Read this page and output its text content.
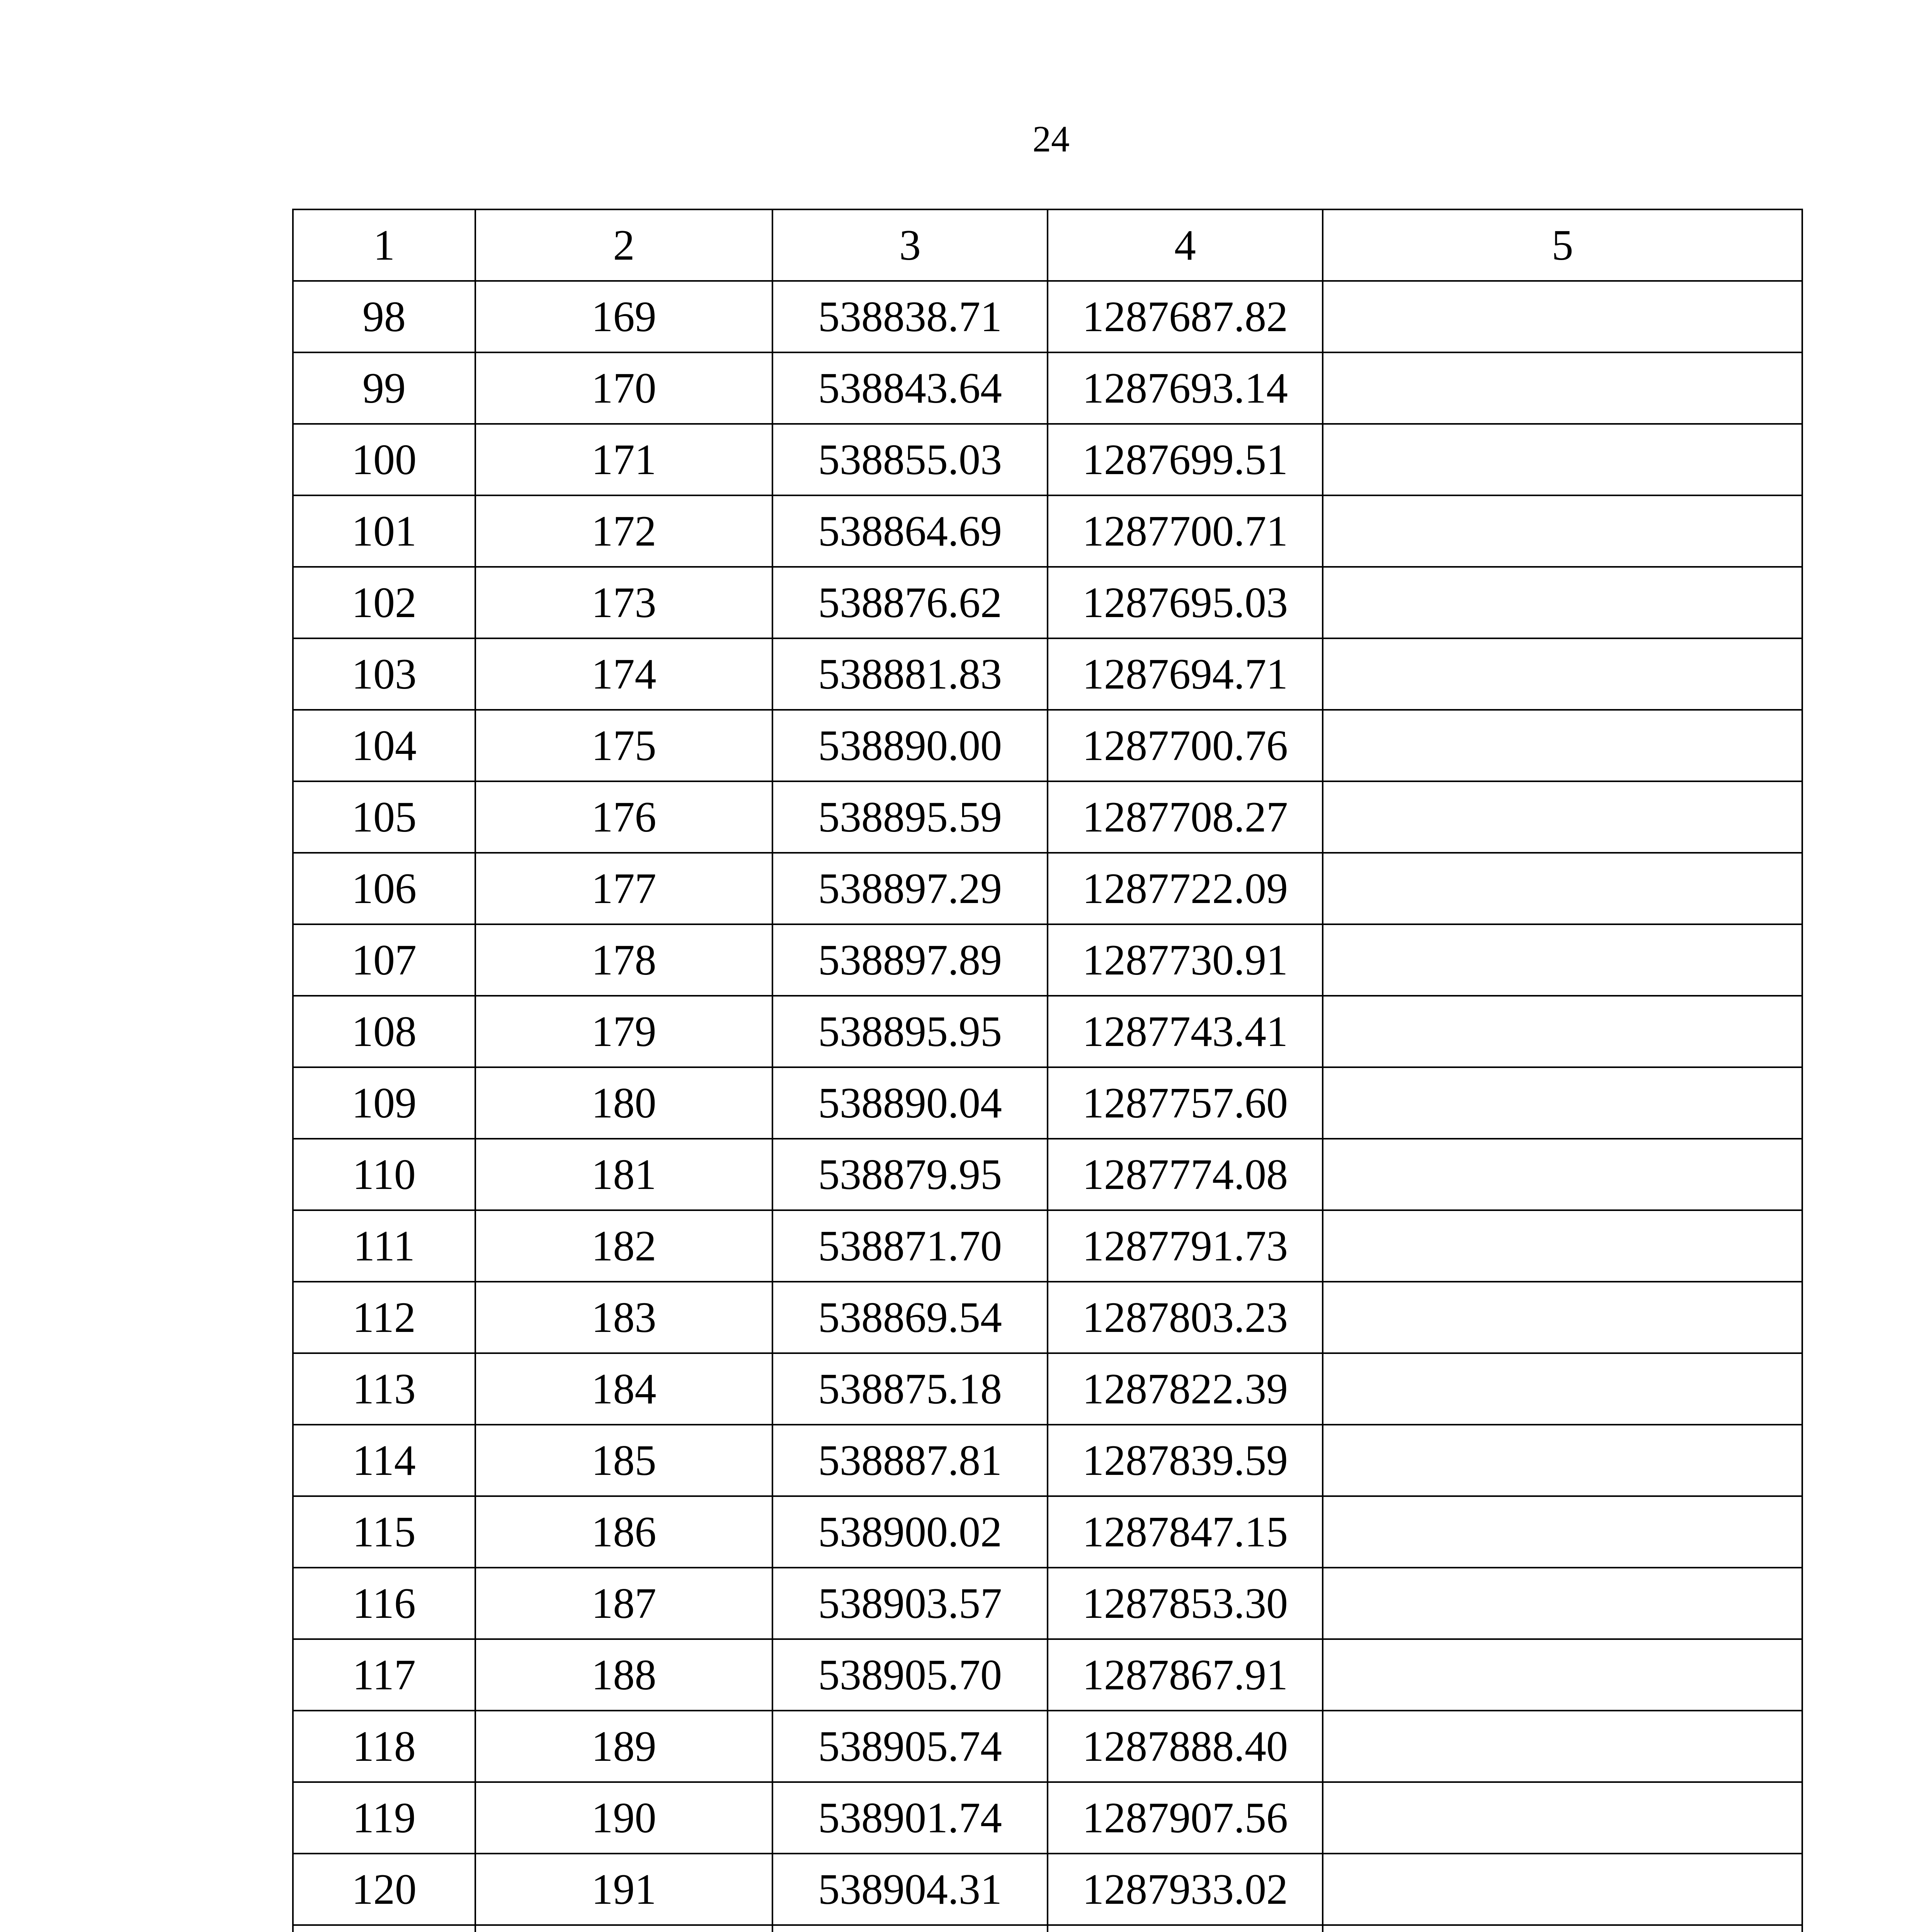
24
1	2	3	4	5
98	169	538838.71	1287687.82	
99	170	538843.64	1287693.14	
100	171	538855.03	1287699.51	
101	172	538864.69	1287700.71	
102	173	538876.62	1287695.03	
103	174	538881.83	1287694.71	
104	175	538890.00	1287700.76	
105	176	538895.59	1287708.27	
106	177	538897.29	1287722.09	
107	178	538897.89	1287730.91	
108	179	538895.95	1287743.41	
109	180	538890.04	1287757.60	
110	181	538879.95	1287774.08	
111	182	538871.70	1287791.73	
112	183	538869.54	1287803.23	
113	184	538875.18	1287822.39	
114	185	538887.81	1287839.59	
115	186	538900.02	1287847.15	
116	187	538903.57	1287853.30	
117	188	538905.70	1287867.91	
118	189	538905.74	1287888.40	
119	190	538901.74	1287907.56	
120	191	538904.31	1287933.02	
